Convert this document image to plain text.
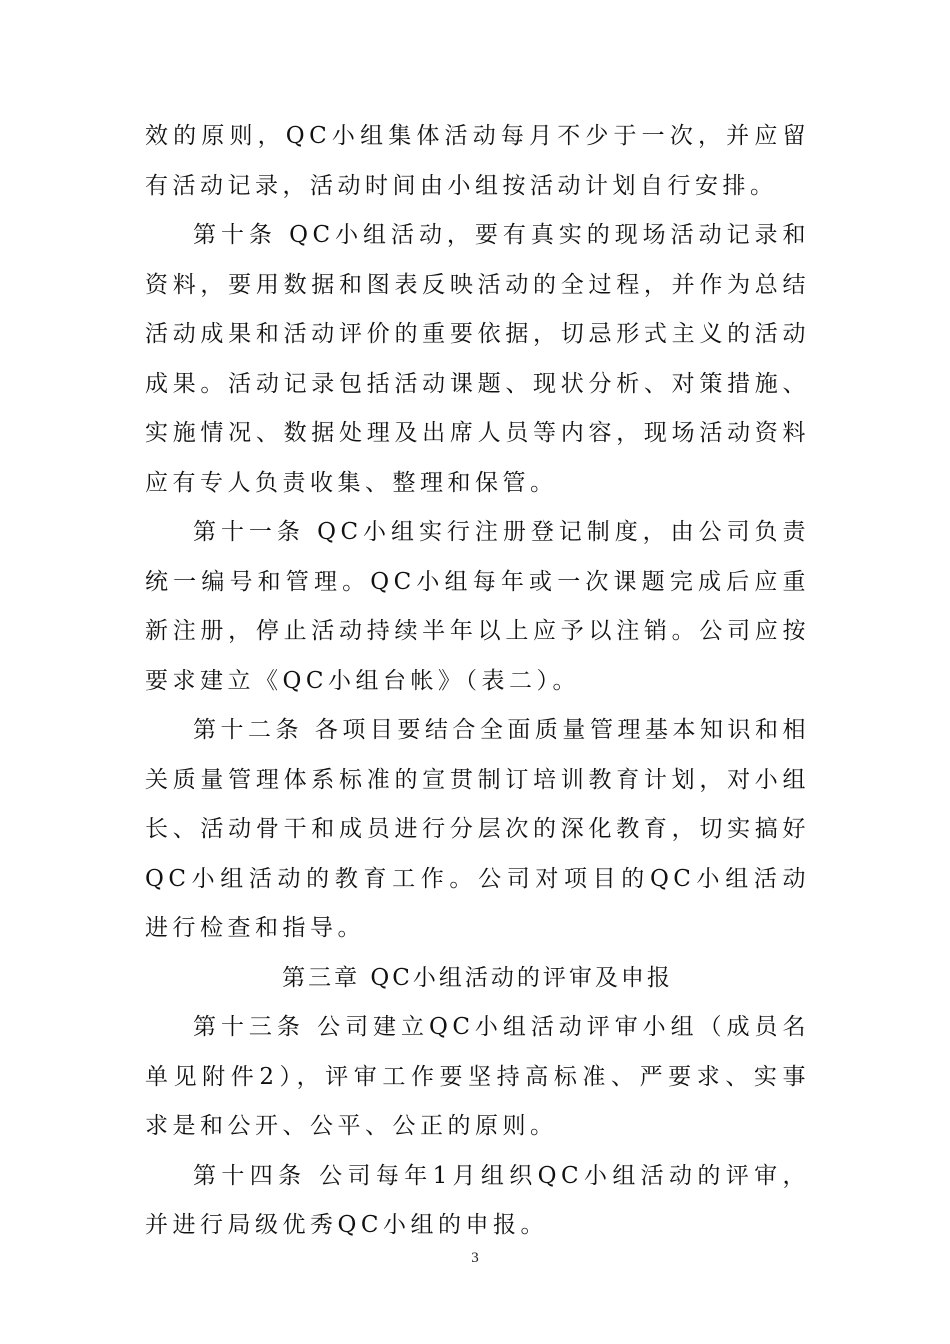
效的原则，QC小组集体活动每月不少于一次，并应留有活动记录，活动时间由小组按活动计划自行安排。

第十条 QC小组活动，要有真实的现场活动记录和资料，要用数据和图表反映活动的全过程，并作为总结活动成果和活动评价的重要依据，切忌形式主义的活动成果。活动记录包括活动课题、现状分析、对策措施、实施情况、数据处理及出席人员等内容，现场活动资料应有专人负责收集、整理和保管。

第十一条 QC小组实行注册登记制度，由公司负责统一编号和管理。QC小组每年或一次课题完成后应重新注册，停止活动持续半年以上应予以注销。公司应按要求建立《QC小组台帐》（表二）。

第十二条 各项目要结合全面质量管理基本知识和相关质量管理体系标准的宣贯制订培训教育计划，对小组长、活动骨干和成员进行分层次的深化教育，切实搞好QC小组活动的教育工作。公司对项目的QC小组活动进行检查和指导。

第三章 QC小组活动的评审及申报

第十三条 公司建立QC小组活动评审小组（成员名单见附件2），评审工作要坚持高标准、严要求、实事求是和公开、公平、公正的原则。

第十四条 公司每年1月组织QC小组活动的评审，并进行局级优秀QC小组的申报。

3
